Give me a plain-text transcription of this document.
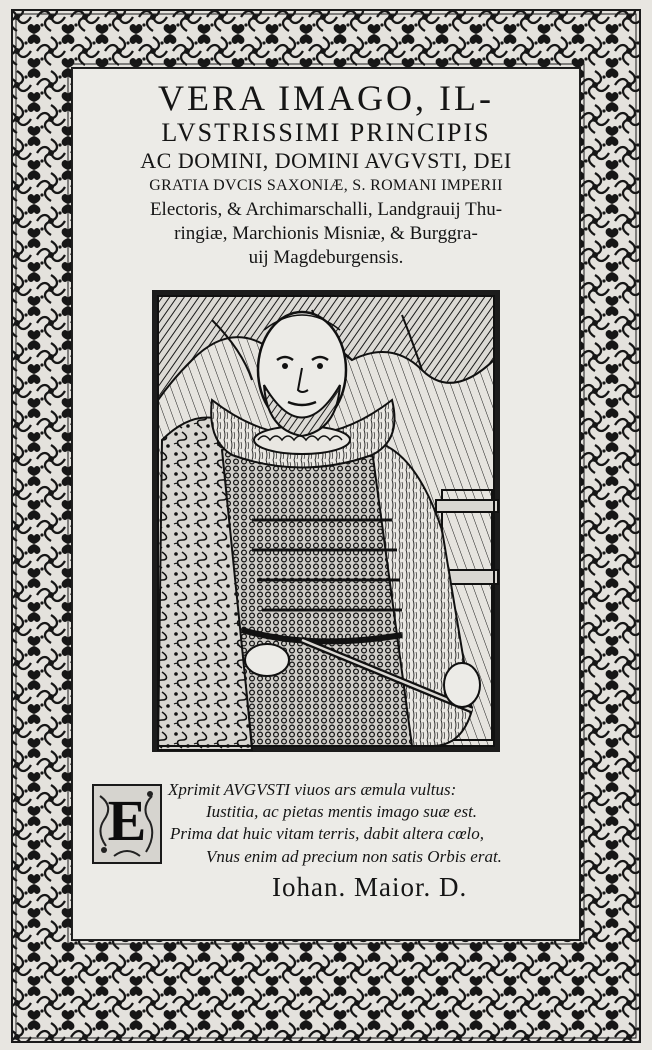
VERA IMAGO, IL-
LVSTRISSIMI PRINCIPIS
AC DOMINI, DOMINI AVGVSTI, DEI
GRATIA DVCIS SAXONIÆ, S. ROMANI IMPERII
Electoris, & Archimarschalli, Landgrauij Thu-
ringiæ, Marchionis Misniæ, & Burggra-
uij Magdeburgensis.
E	Xprimit AVGVSTI viuos ars æmula vultus:
Iustitia, ac pietas mentis imago suæ est.
Prima dat huic vitam terris, dabit altera cœlo,
Vnus enim ad precium non satis Orbis erat.
Iohan. Maior. D.
